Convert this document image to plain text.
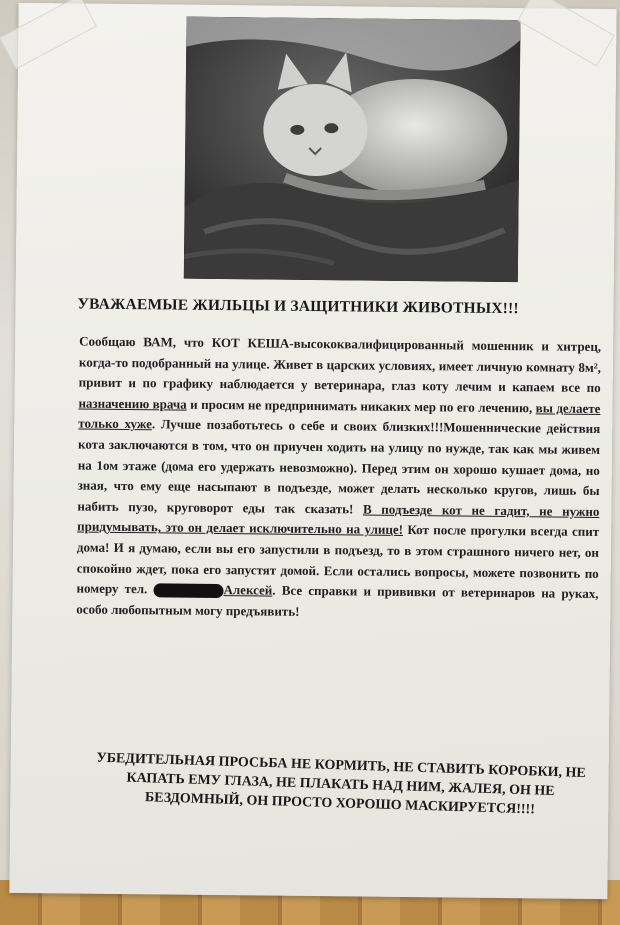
УВАЖАЕМЫЕ ЖИЛЬЦЫ И ЗАЩИТНИКИ ЖИВОТНЫХ!!!
Сообщаю ВАМ, что КОТ КЕША-высококвалифицированный мошенник и хитрец, когда-то подобранный на улице. Живет в царских условиях, имеет личную комнату 8м², привит и по графику наблюдается у ветеринара, глаз коту лечим и капаем все по назначению врача и просим не предпринимать никаких мер по его лечению, вы делаете только хуже. Лучше позаботьтесь о себе и своих близких!!!Мошеннические действия кота заключаются в том, что он приучен ходить на улицу по нужде, так как мы живем на 1ом этаже (дома его удержать невозможно). Перед этим он хорошо кушает дома, но зная, что ему еще насыпают в подъезде, может делать несколько кругов, лишь бы набить пузо, круговорот еды так сказать! В подъезде кот не гадит, не нужно придумывать, это он делает исключительно на улице! Кот после прогулки всегда спит дома! И я думаю, если вы его запустили в подъезд, то в этом страшного ничего нет, он спокойно ждет, пока его запустят домой. Если остались вопросы, можете позвонить по номеру тел.	Алексей. Все справки и прививки от ветеринаров на руках, особо любопытным могу предъявить!
УБЕДИТЕЛЬНАЯ ПРОСЬБА НЕ КОРМИТЬ, НЕ СТАВИТЬ КОРОБКИ, НЕ КАПАТЬ ЕМУ ГЛАЗА, НЕ ПЛАКАТЬ НАД НИМ, ЖАЛЕЯ, ОН НЕ БЕЗДОМНЫЙ, ОН ПРОСТО ХОРОШО МАСКИРУЕТСЯ!!!!
